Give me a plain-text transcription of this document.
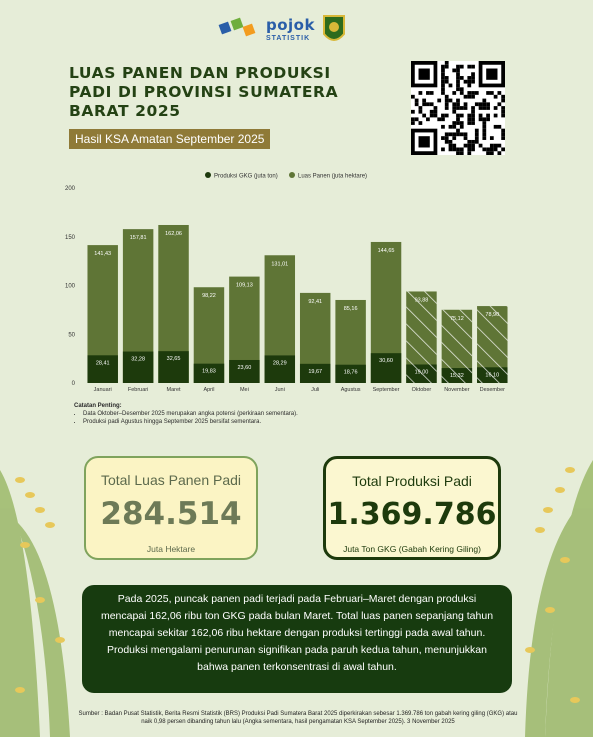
pojok
STATISTIK
LUAS PANEN DAN PRODUKSI PADI DI PROVINSI SUMATERA BARAT 2025
Hasil KSA Amatan September 2025
Produksi GKG (juta ton)	Luas Panen (juta hektare)
0
50
100
150
200
141,43
28,41
Januari
157,81
32,28
Februari
162,06
32,65
Maret
98,22
19,83
April
109,13
23,60
Mei
131,01
28,29
Juni
92,41
19,67
Juli
85,16
18,76
Agustus
144,65
30,60
September
93,88
19,00
Oktober
75,12
15,32
November
78,90
16,10
Desember
Catatan Penting:
• Data Oktober–Desember 2025 merupakan angka potensi (perkiraan sementara).
• Produksi padi Agustus hingga September 2025 bersifat sementara.
Total Luas Panen Padi
284.514
Juta Hektare
Total Produksi Padi
1.369.786
Juta Ton GKG (Gabah Kering Giling)
Pada 2025, puncak panen padi terjadi pada Februari–Maret dengan produksi mencapai 162,06 ribu ton GKG pada bulan Maret. Total luas panen sepanjang tahun mencapai sekitar 162,06 ribu hektare dengan produksi tertinggi pada awal tahun. Produksi mengalami penurunan signifikan pada paruh kedua tahun, menunjukkan bahwa panen terkonsentrasi di awal tahun.
Sumber : Badan Pusat Statistik, Berita Resmi Statistik (BRS) Produksi Padi Sumatera Barat 2025 diperkirakan sebesar 1.369.786 ton gabah kering giling (GKG) atau naik 0,98 persen dibanding tahun lalu (Angka sementara, hasil pengamatan KSA September 2025). 3 November 2025
